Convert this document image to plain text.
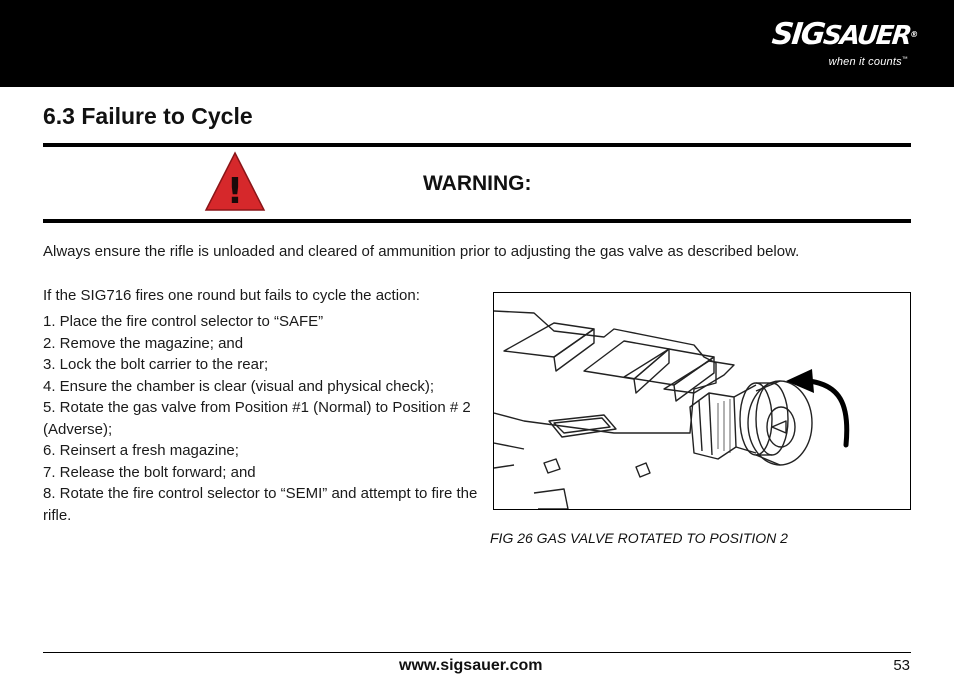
SIGSAUER®
when it counts™
6.3 Failure to Cycle
!	WARNING:

Always ensure the rifle is unloaded and cleared of ammunition prior to adjusting the gas valve as described below.

If the SIG716 fires one round but fails to cycle the action:

1. Place the fire control selector to “SAFE”
2. Remove the magazine; and
3. Lock the bolt carrier to the rear;
4. Ensure the chamber is clear (visual and physical check);
5. Rotate the gas valve from Position #1 (Normal) to Position # 2 (Adverse);
6. Reinsert a fresh magazine;
7. Release the bolt forward; and
8. Rotate the fire control selector to “SEMI” and attempt to fire the rifle.
FIG 26 GAS VALVE ROTATED TO POSITION 2
www.sigsauer.com	53
